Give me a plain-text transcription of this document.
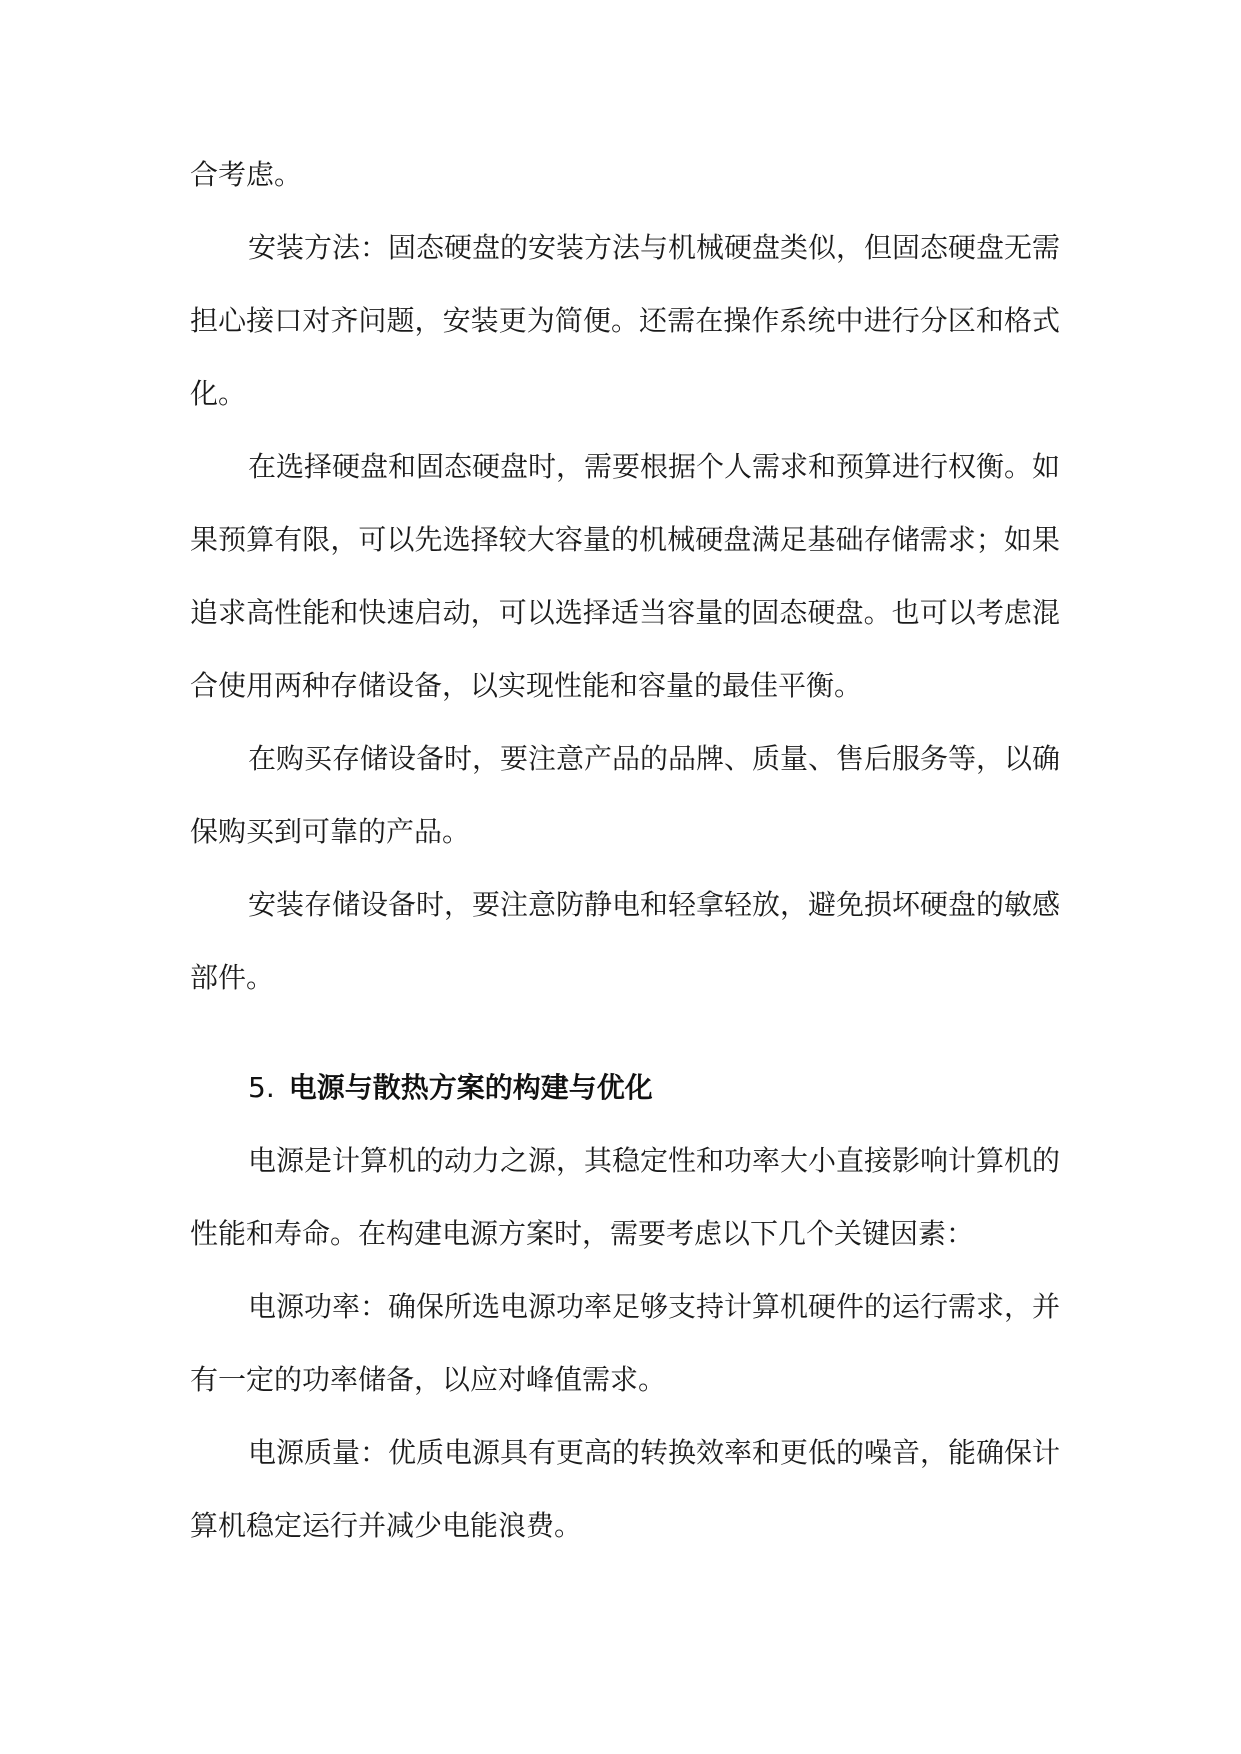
合考虑。

安装方法：固态硬盘的安装方法与机械硬盘类似，但固态硬盘无需担心接口对齐问题，安装更为简便。还需在操作系统中进行分区和格式化。

在选择硬盘和固态硬盘时，需要根据个人需求和预算进行权衡。如果预算有限，可以先选择较大容量的机械硬盘满足基础存储需求；如果追求高性能和快速启动，可以选择适当容量的固态硬盘。也可以考虑混合使用两种存储设备，以实现性能和容量的最佳平衡。

在购买存储设备时，要注意产品的品牌、质量、售后服务等，以确保购买到可靠的产品。

安装存储设备时，要注意防静电和轻拿轻放，避免损坏硬盘的敏感部件。

5. 电源与散热方案的构建与优化

电源是计算机的动力之源，其稳定性和功率大小直接影响计算机的性能和寿命。在构建电源方案时，需要考虑以下几个关键因素：

电源功率：确保所选电源功率足够支持计算机硬件的运行需求，并有一定的功率储备，以应对峰值需求。

电源质量：优质电源具有更高的转换效率和更低的噪音，能确保计算机稳定运行并减少电能浪费。
